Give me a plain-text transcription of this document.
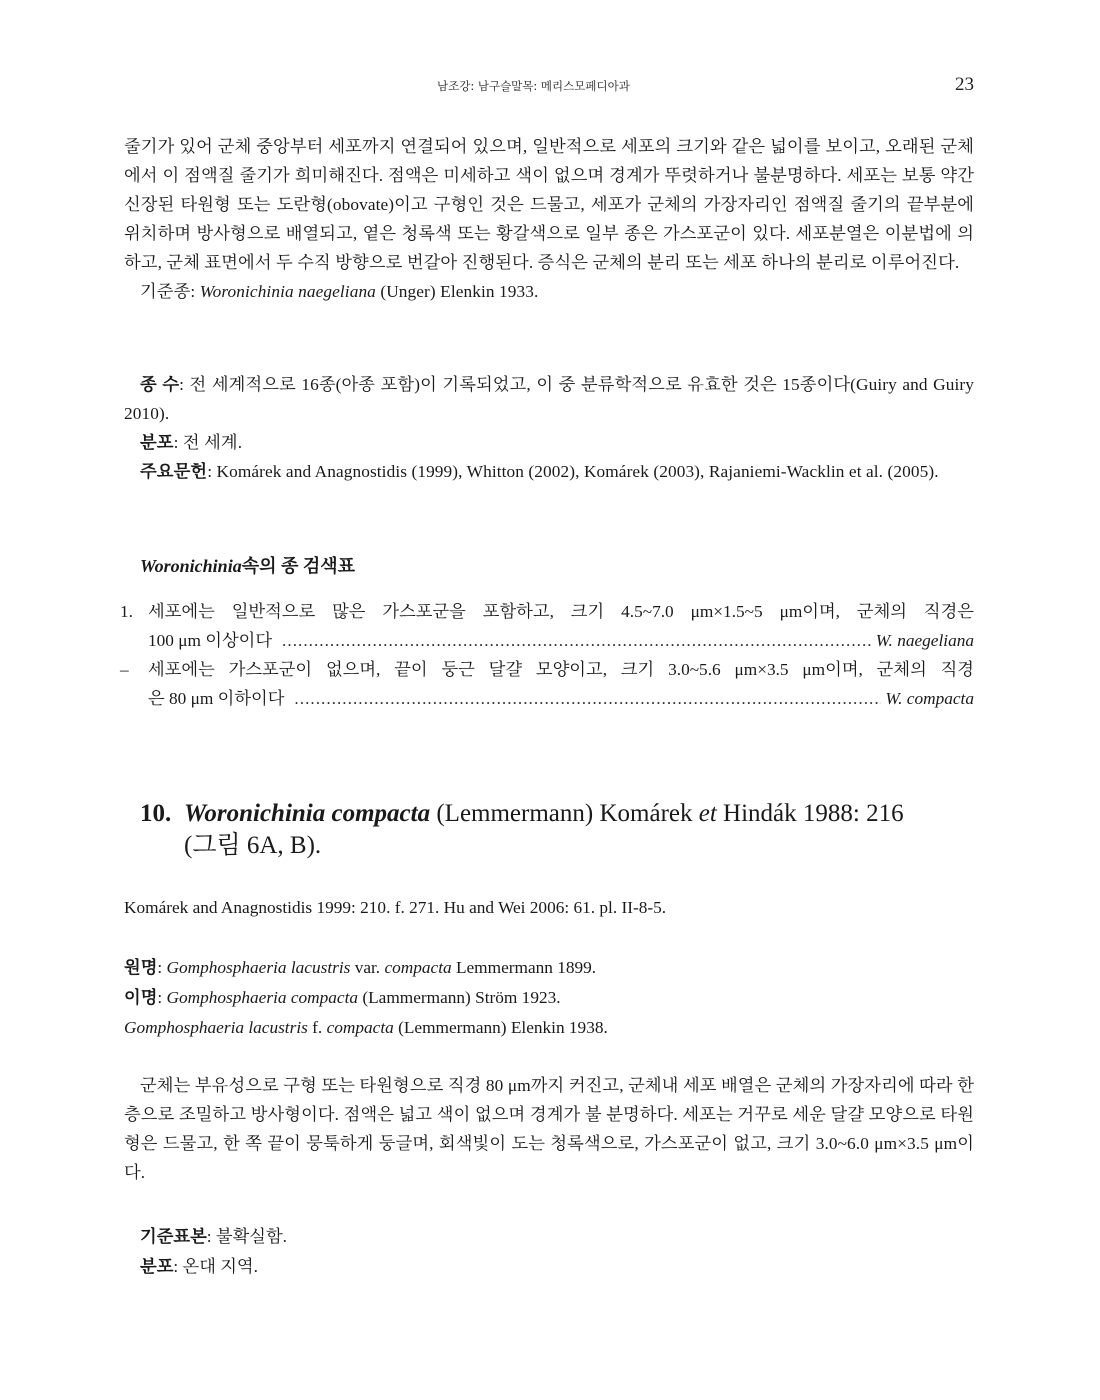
남조강: 남구슬말목: 메리스모페디아과	23

줄기가 있어 군체 중앙부터 세포까지 연결되어 있으며, 일반적으로 세포의 크기와 같은 넓이를 보이고, 오래된 군체에서 이 점액질 줄기가 희미해진다. 점액은 미세하고 색이 없으며 경계가 뚜렷하거나 불분명하다. 세포는 보통 약간 신장된 타원형 또는 도란형(obovate)이고 구형인 것은 드물고, 세포가 군체의 가장자리인 점액질 줄기의 끝부분에 위치하며 방사형으로 배열되고, 옅은 청록색 또는 황갈색으로 일부 종은 가스포군이 있다. 세포분열은 이분법에 의하고, 군체 표면에서 두 수직 방향으로 번갈아 진행된다. 증식은 군체의 분리 또는 세포 하나의 분리로 이루어진다.

기준종: Woronichinia naegeliana (Unger) Elenkin 1933.

종 수: 전 세계적으로 16종(아종 포함)이 기록되었고, 이 중 분류학적으로 유효한 것은 15종이다(Guiry and Guiry 2010).

분포: 전 세계.

주요문헌: Komárek and Anagnostidis (1999), Whitton (2002), Komárek (2003), Rajaniemi-Wacklin et al. (2005).

Woronichinia속의 종 검색표
1. 세포에는 일반적으로 많은 가스포군을 포함하고, 크기 4.5~7.0 μm×1.5~5 μm이며, 군체의 직경은
100 μm 이상이다 .....	W. naegeliana
– 세포에는 가스포군이 없으며, 끝이 둥근 달걀 모양이고, 크기 3.0~5.6 μm×3.5 μm이며, 군체의 직경
은 80 μm 이하이다 .....	W. compacta
10. Woronichinia compacta (Lemmermann) Komárek et Hindák 1988: 216
(그림 6A, B).
Komárek and Anagnostidis 1999: 210. f. 271. Hu and Wei 2006: 61. pl. II-8-5.
원명: Gomphosphaeria lacustris var. compacta Lemmermann 1899.
이명: Gomphosphaeria compacta (Lammermann) Ström 1923.
Gomphosphaeria lacustris f. compacta (Lemmermann) Elenkin 1938.

군체는 부유성으로 구형 또는 타원형으로 직경 80 μm까지 커진고, 군체내 세포 배열은 군체의 가장자리에 따라 한 층으로 조밀하고 방사형이다. 점액은 넓고 색이 없으며 경계가 불 분명하다. 세포는 거꾸로 세운 달걀 모양으로 타원형은 드물고, 한 쪽 끝이 뭉툭하게 둥글며, 회색빛이 도는 청록색으로, 가스포군이 없고, 크기 3.0~6.0 μm×3.5 μm이다.

기준표본: 불확실함.
분포: 온대 지역.
